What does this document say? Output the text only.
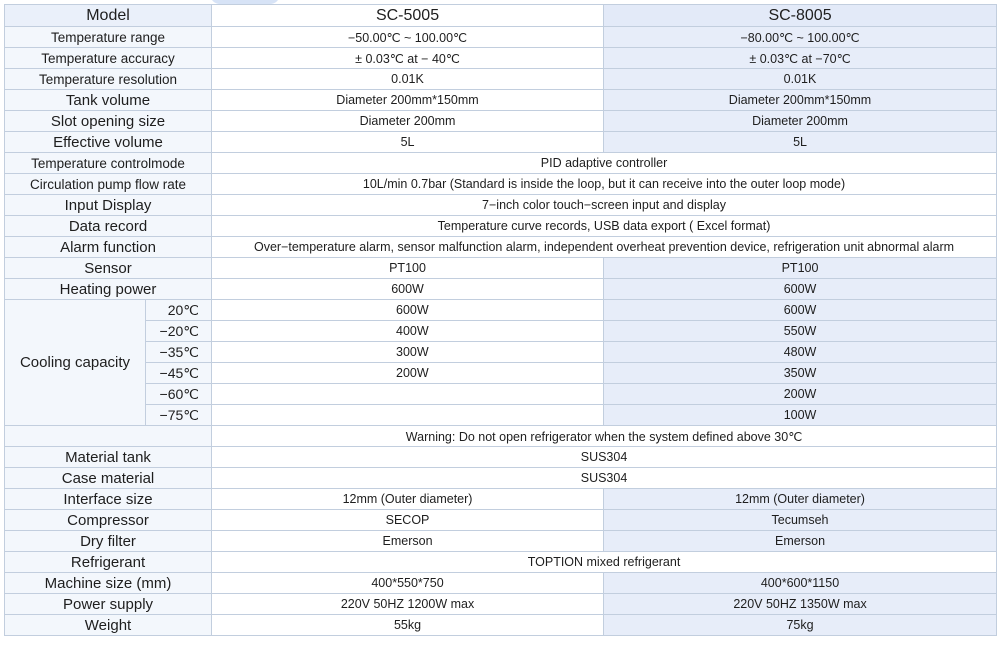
Model		SC-5005	SC-8005
Temperature range		−50.00℃ ~ 100.00℃	−80.00℃ ~ 100.00℃
Temperature accuracy		± 0.03℃ at − 40℃	± 0.03℃ at −70℃
Temperature resolution		0.01K	0.01K
Tank volume		Diameter 200mm*150mm	Diameter 200mm*150mm
Slot opening size		Diameter 200mm	Diameter 200mm
Effective volume		5L	5L
Temperature controlmode		PID adaptive controller	
Circulation pump flow rate		10L/min 0.7bar (Standard is inside the loop, but it can receive into the outer loop mode)	
Input Display		7−inch color touch−screen input and display	
Data record		Temperature curve records, USB data export ( Excel format)	
Alarm function		Over−temperature alarm, sensor malfunction alarm, independent overheat prevention device, refrigeration unit abnormal alarm	
Sensor		PT100	PT100
Heating power		600W	600W
Cooling capacity	20℃	600W	600W
	−20℃	400W	550W
	−35℃	300W	480W
	−45℃	200W	350W
	−60℃		200W
	−75℃		100W
		Warning: Do not open refrigerator when the system defined above 30℃	
Material tank		SUS304	
Case material		SUS304	
Interface size		12mm (Outer diameter)	12mm (Outer diameter)
Compressor		SECOP	Tecumseh
Dry filter		Emerson	Emerson
Refrigerant		TOPTION mixed refrigerant	
Machine size (mm)		400*550*750	400*600*1150
Power supply		220V 50HZ 1200W max	220V 50HZ 1350W max
Weight		55kg	75kg
